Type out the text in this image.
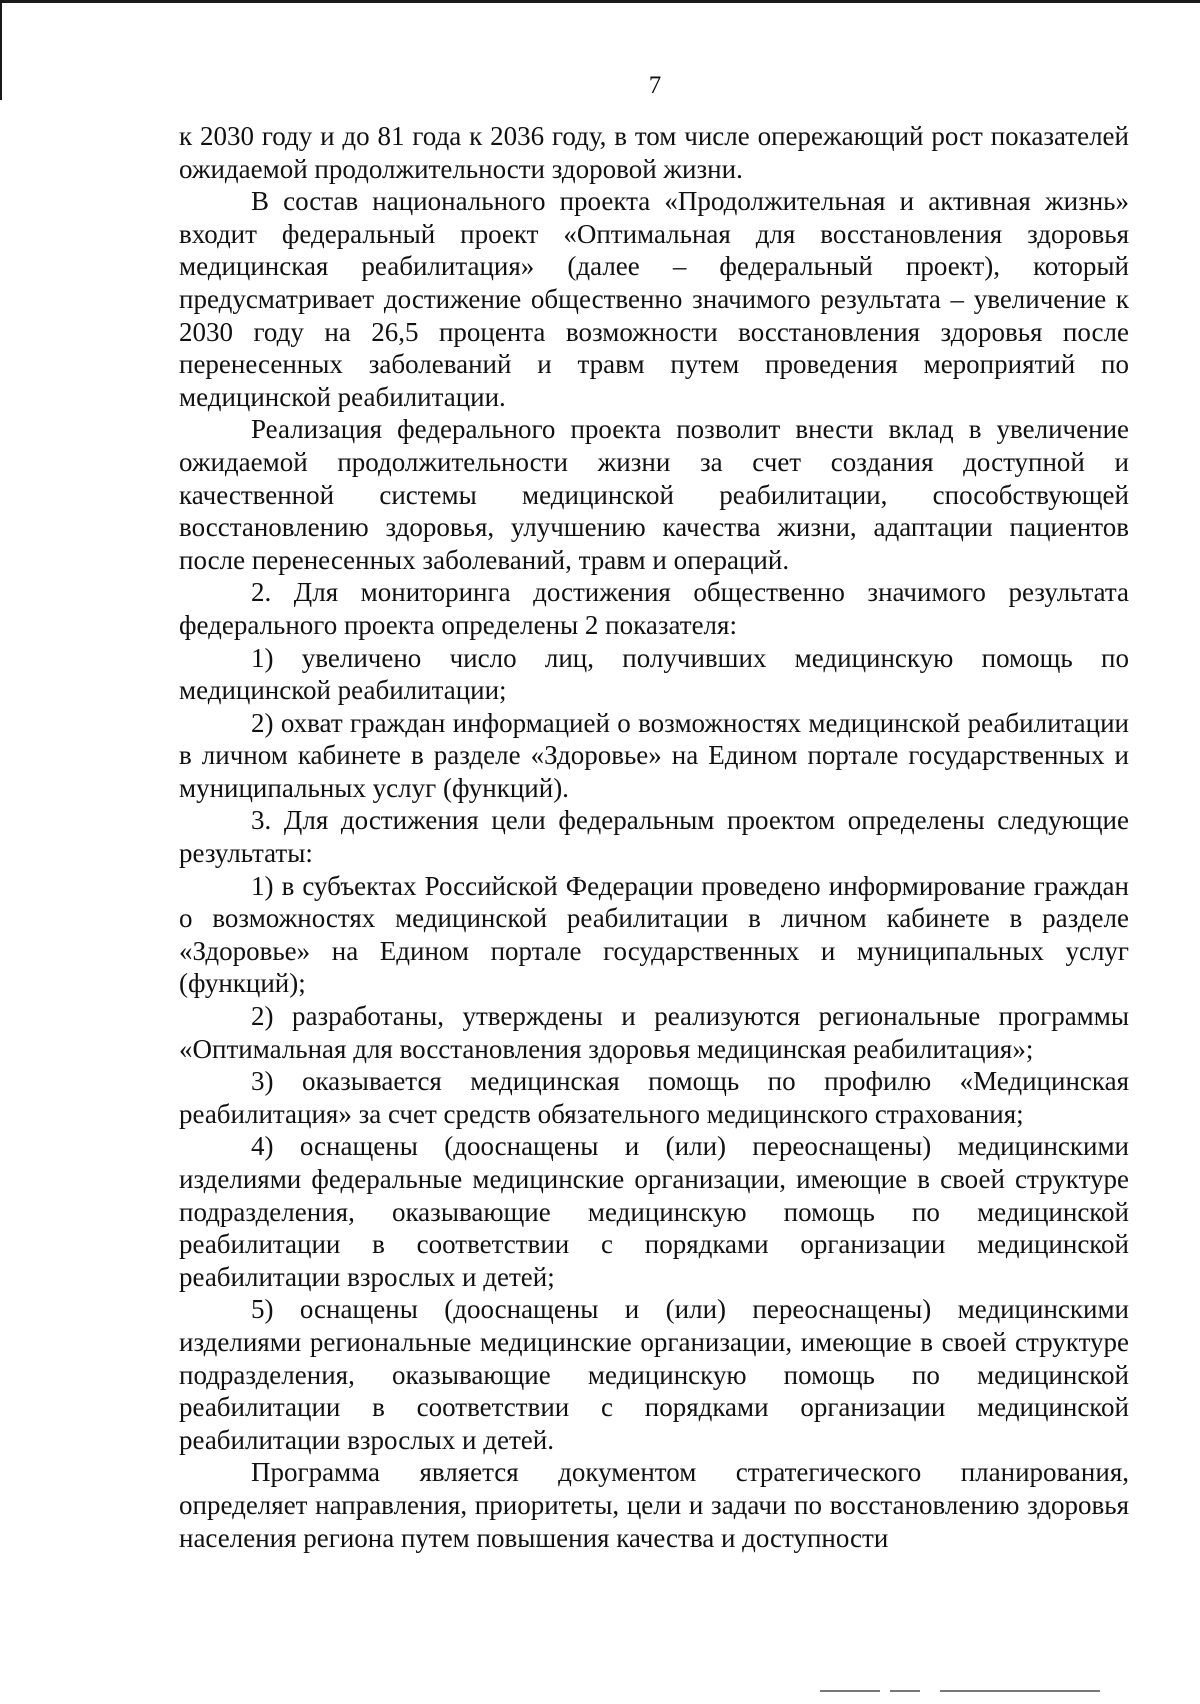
7

к 2030 году и до 81 года к 2036 году, в том числе опережающий рост показателей ожидаемой продолжительности здоровой жизни.

В состав национального проекта «Продолжительная и активная жизнь» входит федеральный проект «Оптимальная для восстановления здоровья медицинская реабилитация» (далее – федеральный проект), который предусматривает достижение общественно значимого результата – увеличение к 2030 году на 26,5 процента возможности восстановления здоровья после перенесенных заболеваний и травм путем проведения мероприятий по медицинской реабилитации.

Реализация федерального проекта позволит внести вклад в увеличение ожидаемой продолжительности жизни за счет создания доступной и качественной системы медицинской реабилитации, способствующей восстановлению здоровья, улучшению качества жизни, адаптации пациентов после перенесенных заболеваний, травм и операций.

2. Для мониторинга достижения общественно значимого результата федерального проекта определены 2 показателя:

1) увеличено число лиц, получивших медицинскую помощь по медицинской реабилитации;

2) охват граждан информацией о возможностях медицинской реабилитации в личном кабинете в разделе «Здоровье» на Едином портале государственных и муниципальных услуг (функций).

3. Для достижения цели федеральным проектом определены следующие результаты:

1) в субъектах Российской Федерации проведено информирование граждан о возможностях медицинской реабилитации в личном кабинете в разделе «Здоровье» на Едином портале государственных и муниципальных услуг (функций);

2) разработаны, утверждены и реализуются региональные программы «Оптимальная для восстановления здоровья медицинская реабилитация»;

3) оказывается медицинская помощь по профилю «Медицинская реабилитация» за счет средств обязательного медицинского страхования;

4) оснащены (дооснащены и (или) переоснащены) медицинскими изделиями федеральные медицинские организации, имеющие в своей структуре подразделения, оказывающие медицинскую помощь по медицинской реабилитации в соответствии с порядками организации медицинской реабилитации взрослых и детей;

5) оснащены (дооснащены и (или) переоснащены) медицинскими изделиями региональные медицинские организации, имеющие в своей структуре подразделения, оказывающие медицинскую помощь по медицинской реабилитации в соответствии с порядками организации медицинской реабилитации взрослых и детей.

Программа является документом стратегического планирования, определяет направления, приоритеты, цели и задачи по восстановлению здоровья населения региона путем повышения качества и доступности
